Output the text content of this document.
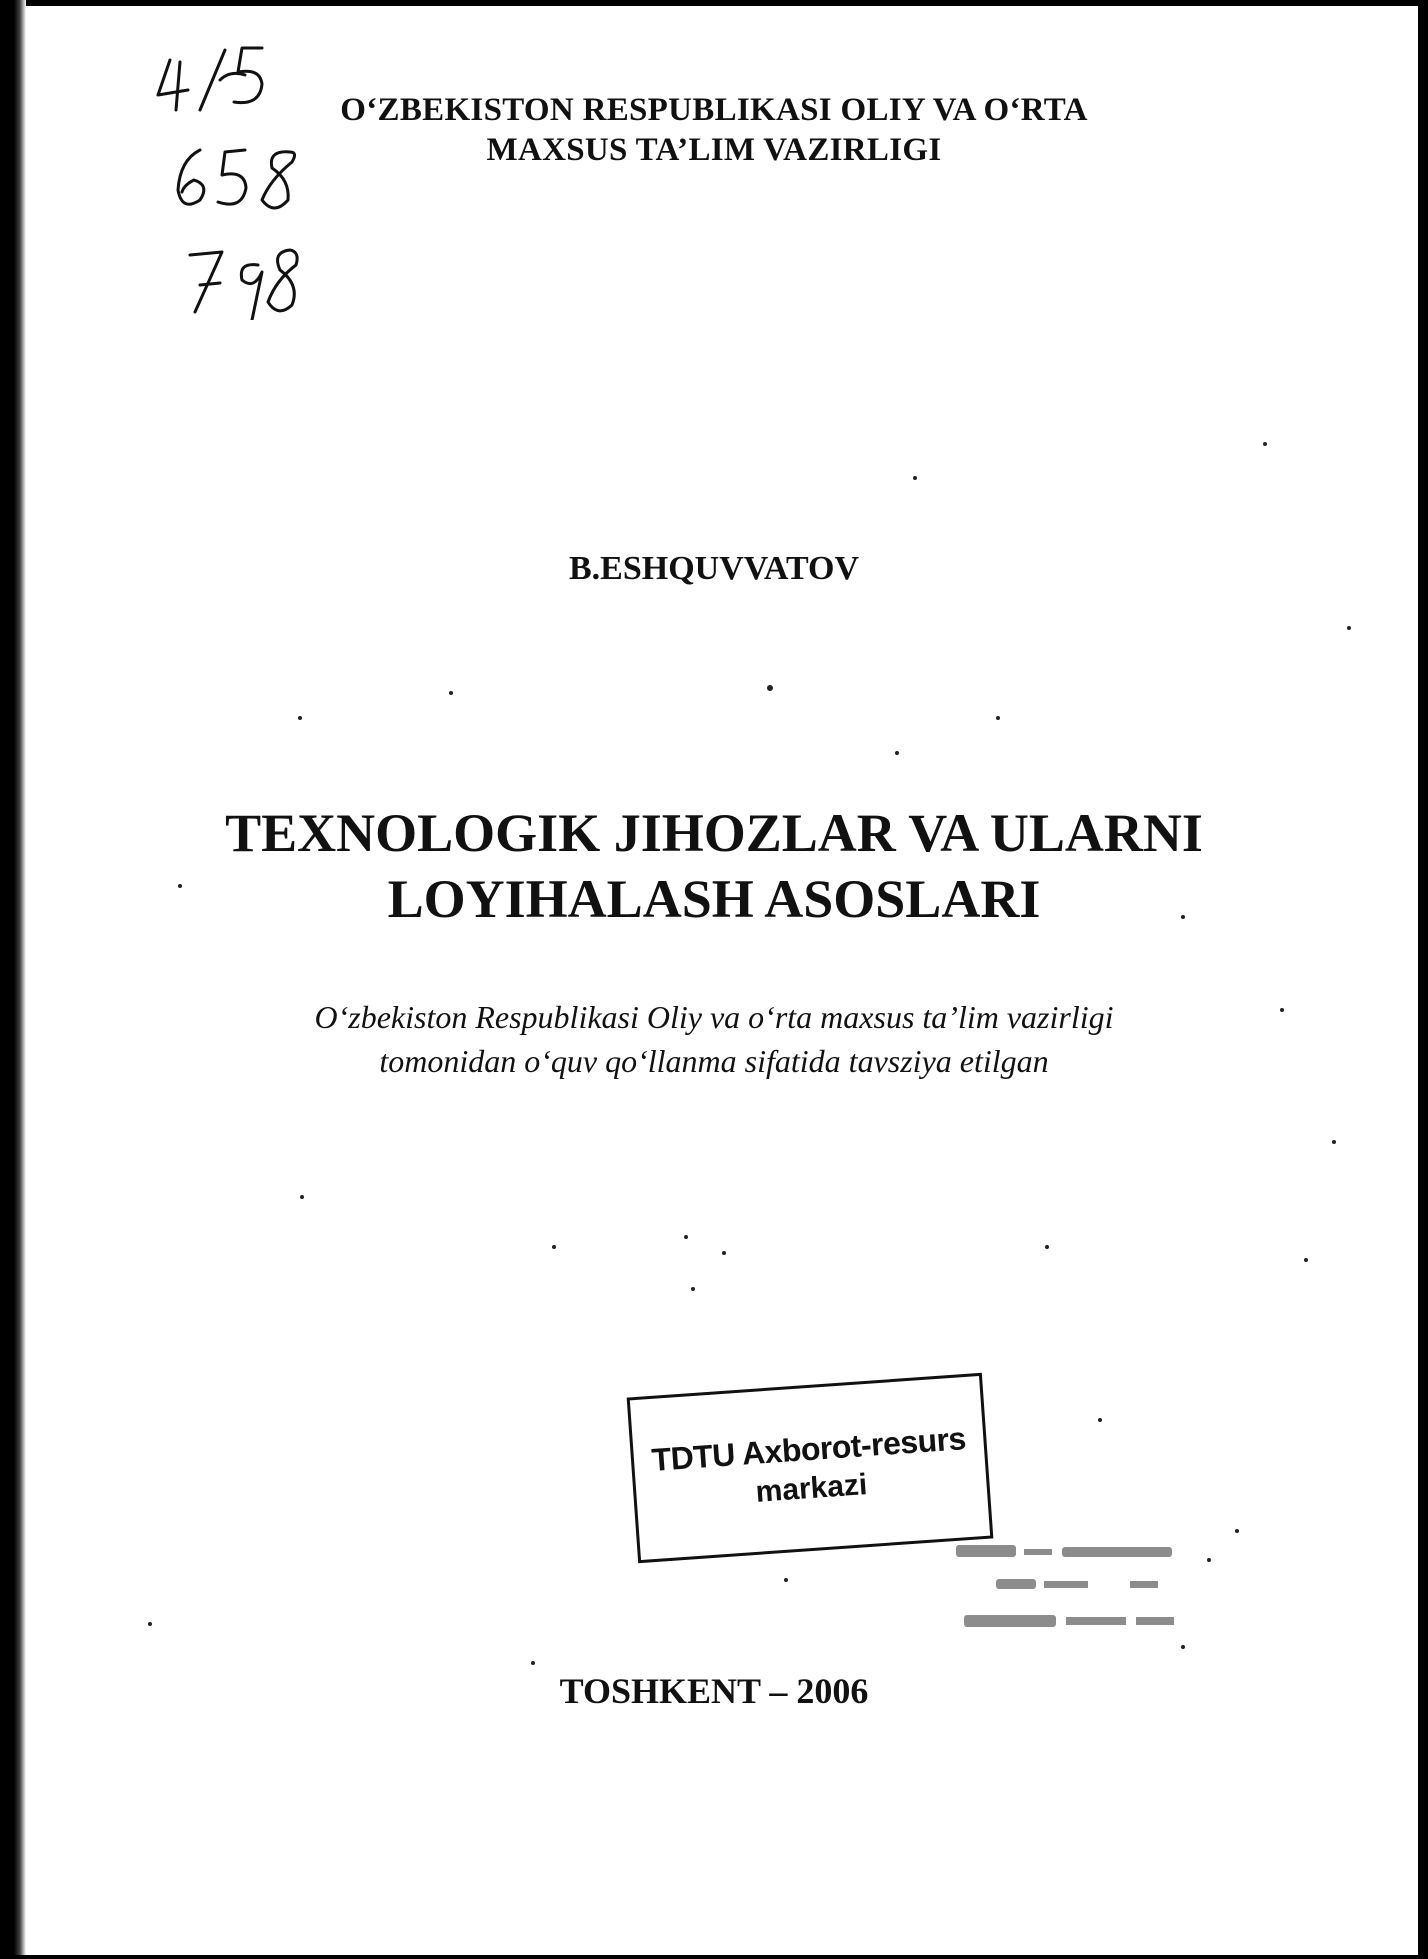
O‘ZBEKISTON RESPUBLIKASI OLIY VA O‘RTA
MAXSUS TA’LIM VAZIRLIGI
B.ESHQUVVATOV
TEXNOLOGIK JIHOZLAR VA ULARNI
LOYIHALASH ASOSLARI
O‘zbekiston Respublikasi Oliy va o‘rta maxsus ta’lim vazirligi
tomonidan o‘quv qo‘llanma sifatida tavsziya etilgan
TDTU Axborot-resurs
markazi
TOSHKENT – 2006
